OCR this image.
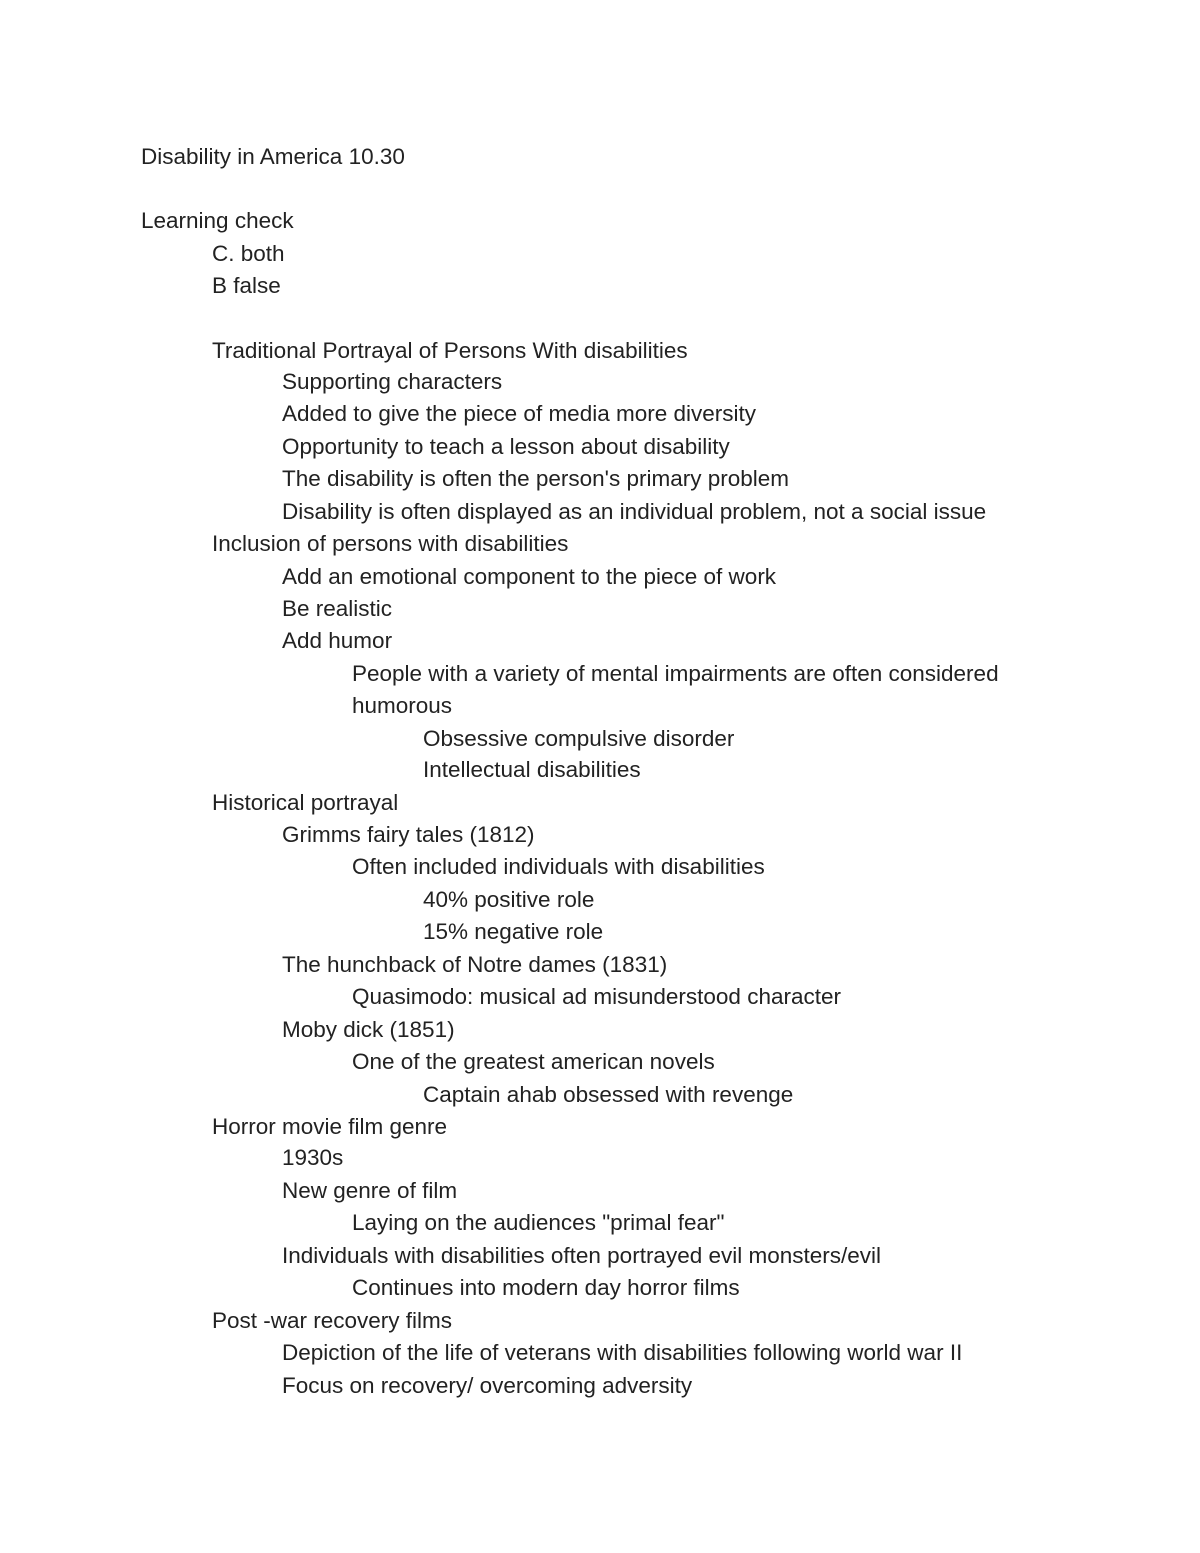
Disability in America 10.30
Learning check
C. both
B false
Traditional Portrayal of Persons With disabilities
Supporting characters
Added to give the piece of media more diversity
Opportunity to teach a lesson about disability
The disability is often the person's primary problem
Disability is often displayed as an individual problem, not a social issue
Inclusion of persons with disabilities
Add an emotional component to the piece of work
Be realistic
Add humor
People with a variety of mental impairments are often considered
humorous
Obsessive compulsive disorder
Intellectual disabilities
Historical portrayal
Grimms fairy tales (1812)
Often included individuals with disabilities
40% positive role
15% negative role
The hunchback of Notre dames (1831)
Quasimodo: musical ad misunderstood character
Moby dick (1851)
One of the greatest american novels
Captain ahab obsessed with revenge
Horror movie film genre
1930s
New genre of film
Laying on the audiences "primal fear"
Individuals with disabilities often portrayed evil monsters/evil
Continues into modern day horror films
Post -war recovery films
Depiction of the life of veterans with disabilities following world war II
Focus on recovery/ overcoming adversity
